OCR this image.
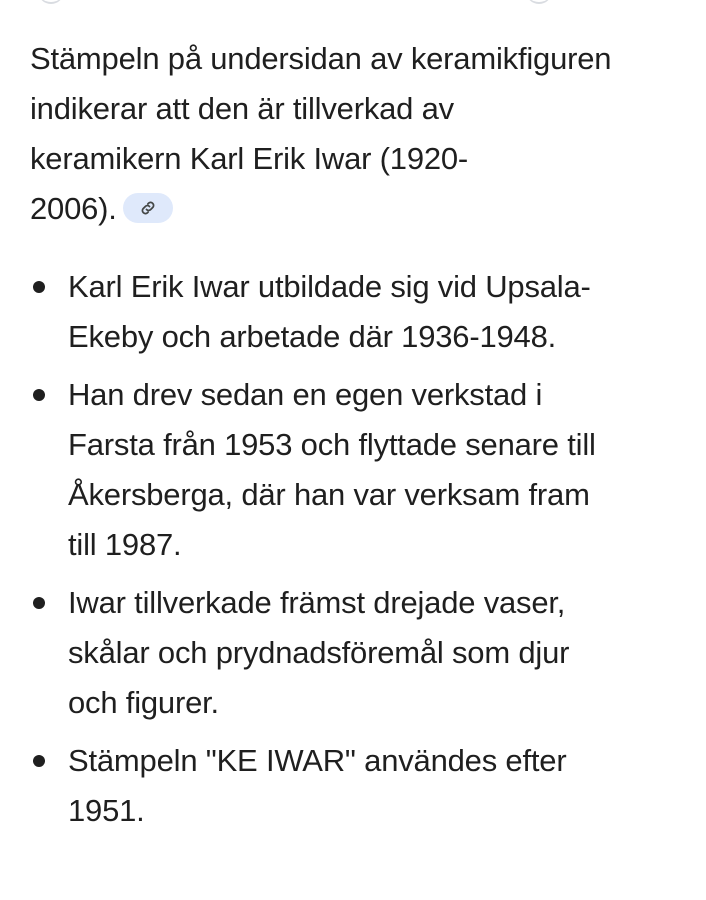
Stämpeln på undersidan av keramikfiguren
indikerar att den är tillverkad av
keramikern Karl Erik Iwar (1920-
2006).

Karl Erik Iwar utbildade sig vid Upsala-
Ekeby och arbetade där 1936-1948.
Han drev sedan en egen verkstad i
Farsta från 1953 och flyttade senare till
Åkersberga, där han var verksam fram
till 1987.
Iwar tillverkade främst drejade vaser,
skålar och prydnadsföremål som djur
och figurer.
Stämpeln "KE IWAR" användes efter
1951.
